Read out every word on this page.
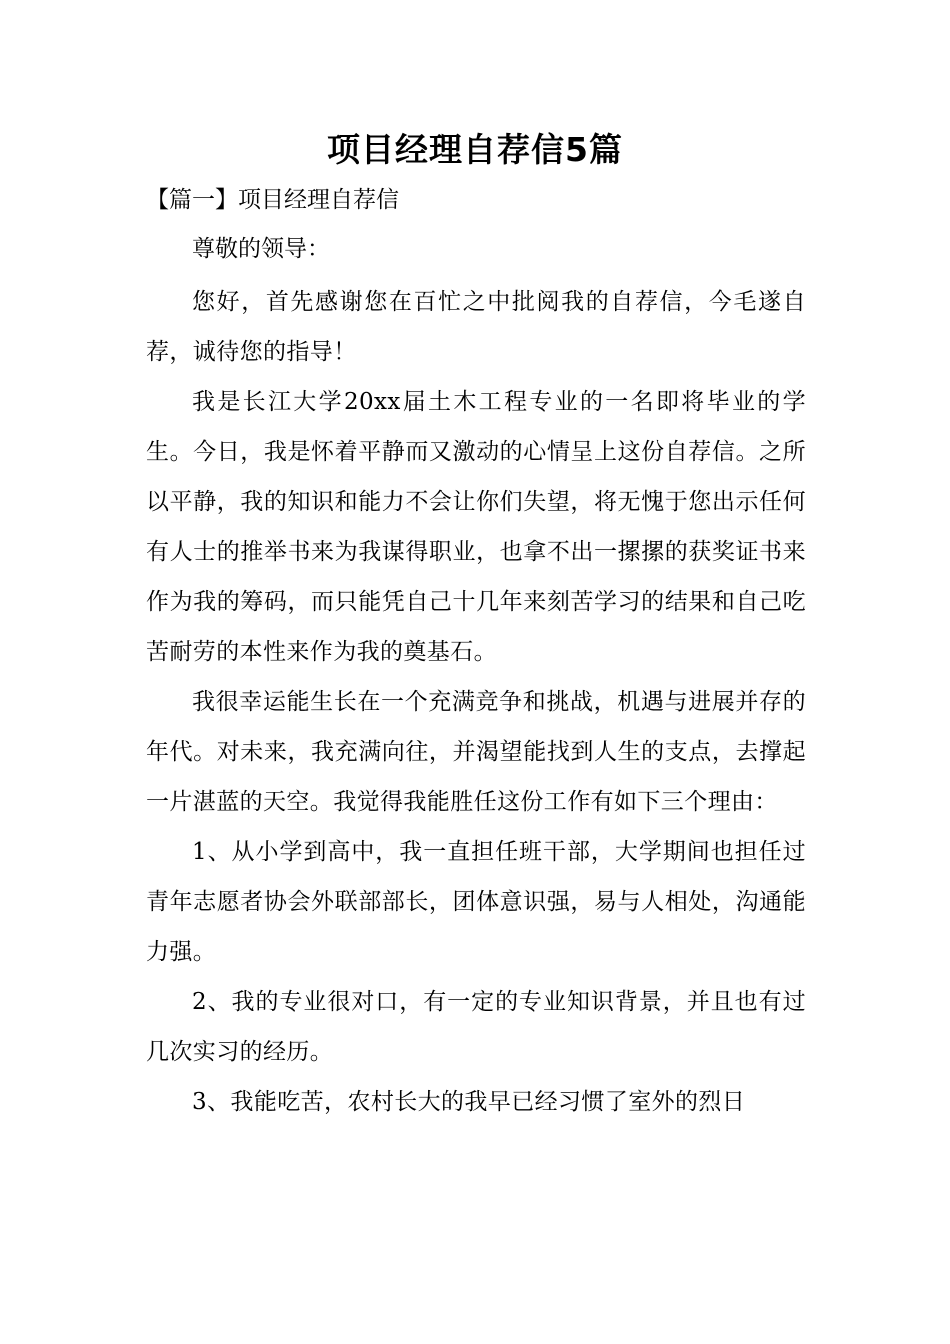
项目经理自荐信5篇
【篇一】项目经理自荐信

尊敬的领导：

您好，首先感谢您在百忙之中批阅我的自荐信，今毛遂自荐，诚待您的指导！

我是长江大学20xx届土木工程专业的一名即将毕业的学生。今日，我是怀着平静而又激动的心情呈上这份自荐信。之所以平静，我的知识和能力不会让你们失望，将无愧于您出示任何有人士的推举书来为我谋得职业，也拿不出一摞摞的获奖证书来作为我的筹码，而只能凭自己十几年来刻苦学习的结果和自己吃苦耐劳的本性来作为我的奠基石。

我很幸运能生长在一个充满竞争和挑战，机遇与进展并存的年代。对未来，我充满向往，并渴望能找到人生的支点，去撑起一片湛蓝的天空。我觉得我能胜任这份工作有如下三个理由：

1、从小学到高中，我一直担任班干部，大学期间也担任过青年志愿者协会外联部部长，团体意识强，易与人相处，沟通能力强。

2、我的专业很对口，有一定的专业知识背景，并且也有过几次实习的经历。

3、我能吃苦，农村长大的我早已经习惯了室外的烈日
